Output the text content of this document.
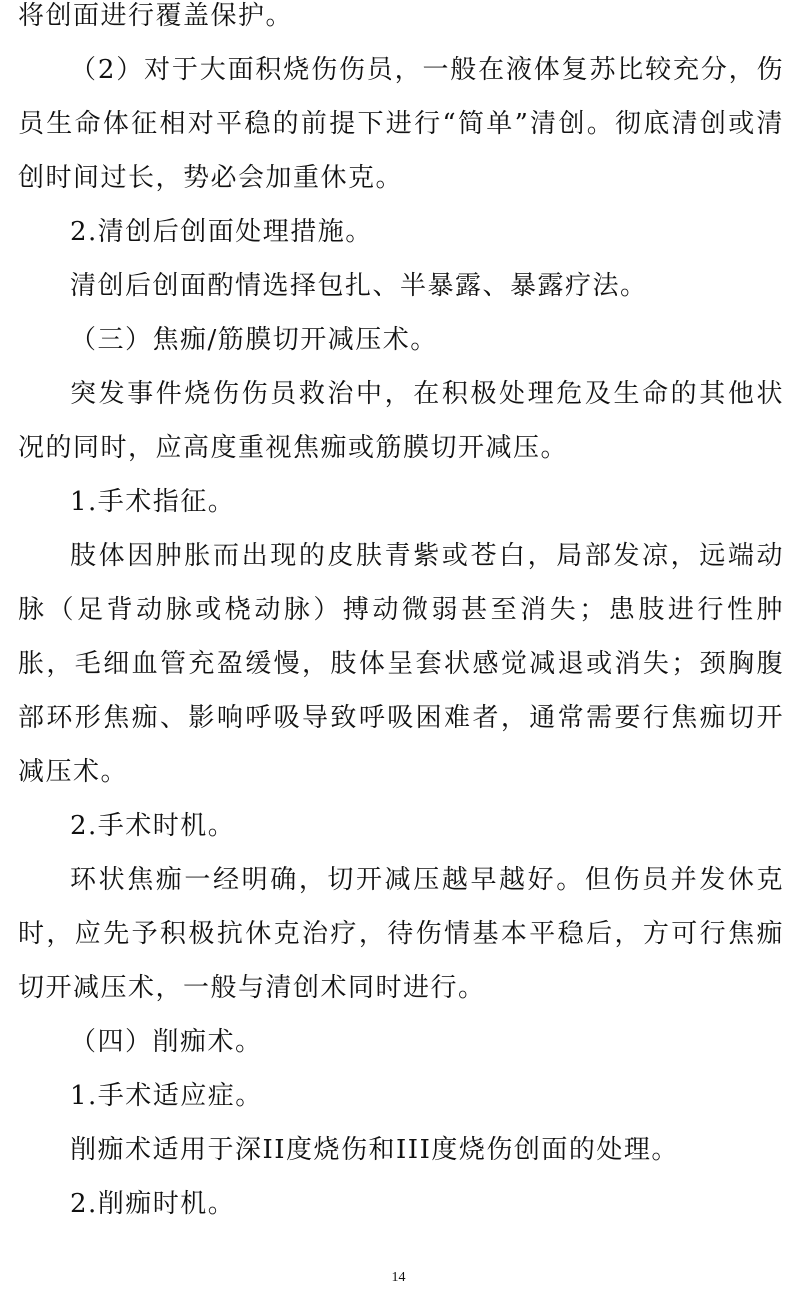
将创面进行覆盖保护。

（2）对于大面积烧伤伤员，一般在液体复苏比较充分，伤员生命体征相对平稳的前提下进行“简单”清创。彻底清创或清创时间过长，势必会加重休克。

2.清创后创面处理措施。

清创后创面酌情选择包扎、半暴露、暴露疗法。

（三）焦痂/筋膜切开减压术。

突发事件烧伤伤员救治中，在积极处理危及生命的其他状况的同时，应高度重视焦痂或筋膜切开减压。

1.手术指征。

肢体因肿胀而出现的皮肤青紫或苍白，局部发凉，远端动脉（足背动脉或桡动脉）搏动微弱甚至消失；患肢进行性肿胀，毛细血管充盈缓慢，肢体呈套状感觉减退或消失；颈胸腹部环形焦痂、影响呼吸导致呼吸困难者，通常需要行焦痂切开减压术。

2.手术时机。

环状焦痂一经明确，切开减压越早越好。但伤员并发休克时，应先予积极抗休克治疗，待伤情基本平稳后，方可行焦痂切开减压术，一般与清创术同时进行。

（四）削痂术。

1.手术适应症。

削痂术适用于深II度烧伤和III度烧伤创面的处理。

2.削痂时机。

14
